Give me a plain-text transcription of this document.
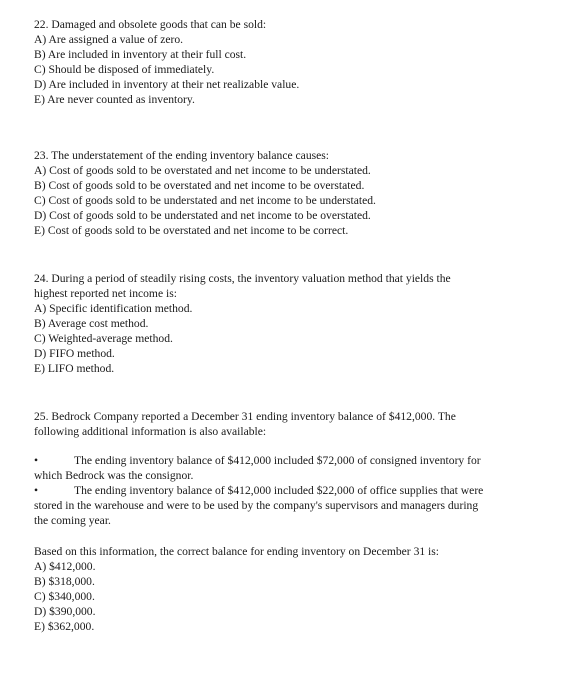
22. Damaged and obsolete goods that can be sold:
A) Are assigned a value of zero.
B) Are included in inventory at their full cost.
C) Should be disposed of immediately.
D) Are included in inventory at their net realizable value.
E) Are never counted as inventory.
23. The understatement of the ending inventory balance causes:
A) Cost of goods sold to be overstated and net income to be understated.
B) Cost of goods sold to be overstated and net income to be overstated.
C) Cost of goods sold to be understated and net income to be understated.
D) Cost of goods sold to be understated and net income to be overstated.
E) Cost of goods sold to be overstated and net income to be correct.
24. During a period of steadily rising costs, the inventory valuation method that yields the
highest reported net income is:
A) Specific identification method.
B) Average cost method.
C) Weighted-average method.
D) FIFO method.
E) LIFO method.
25. Bedrock Company reported a December 31 ending inventory balance of $412,000. The
following additional information is also available:
•	The ending inventory balance of $412,000 included $72,000 of consigned inventory for
which Bedrock was the consignor.
•	The ending inventory balance of $412,000 included $22,000 of office supplies that were
stored in the warehouse and were to be used by the company's supervisors and managers during
the coming year.
Based on this information, the correct balance for ending inventory on December 31 is:
A) $412,000.
B) $318,000.
C) $340,000.
D) $390,000.
E) $362,000.
